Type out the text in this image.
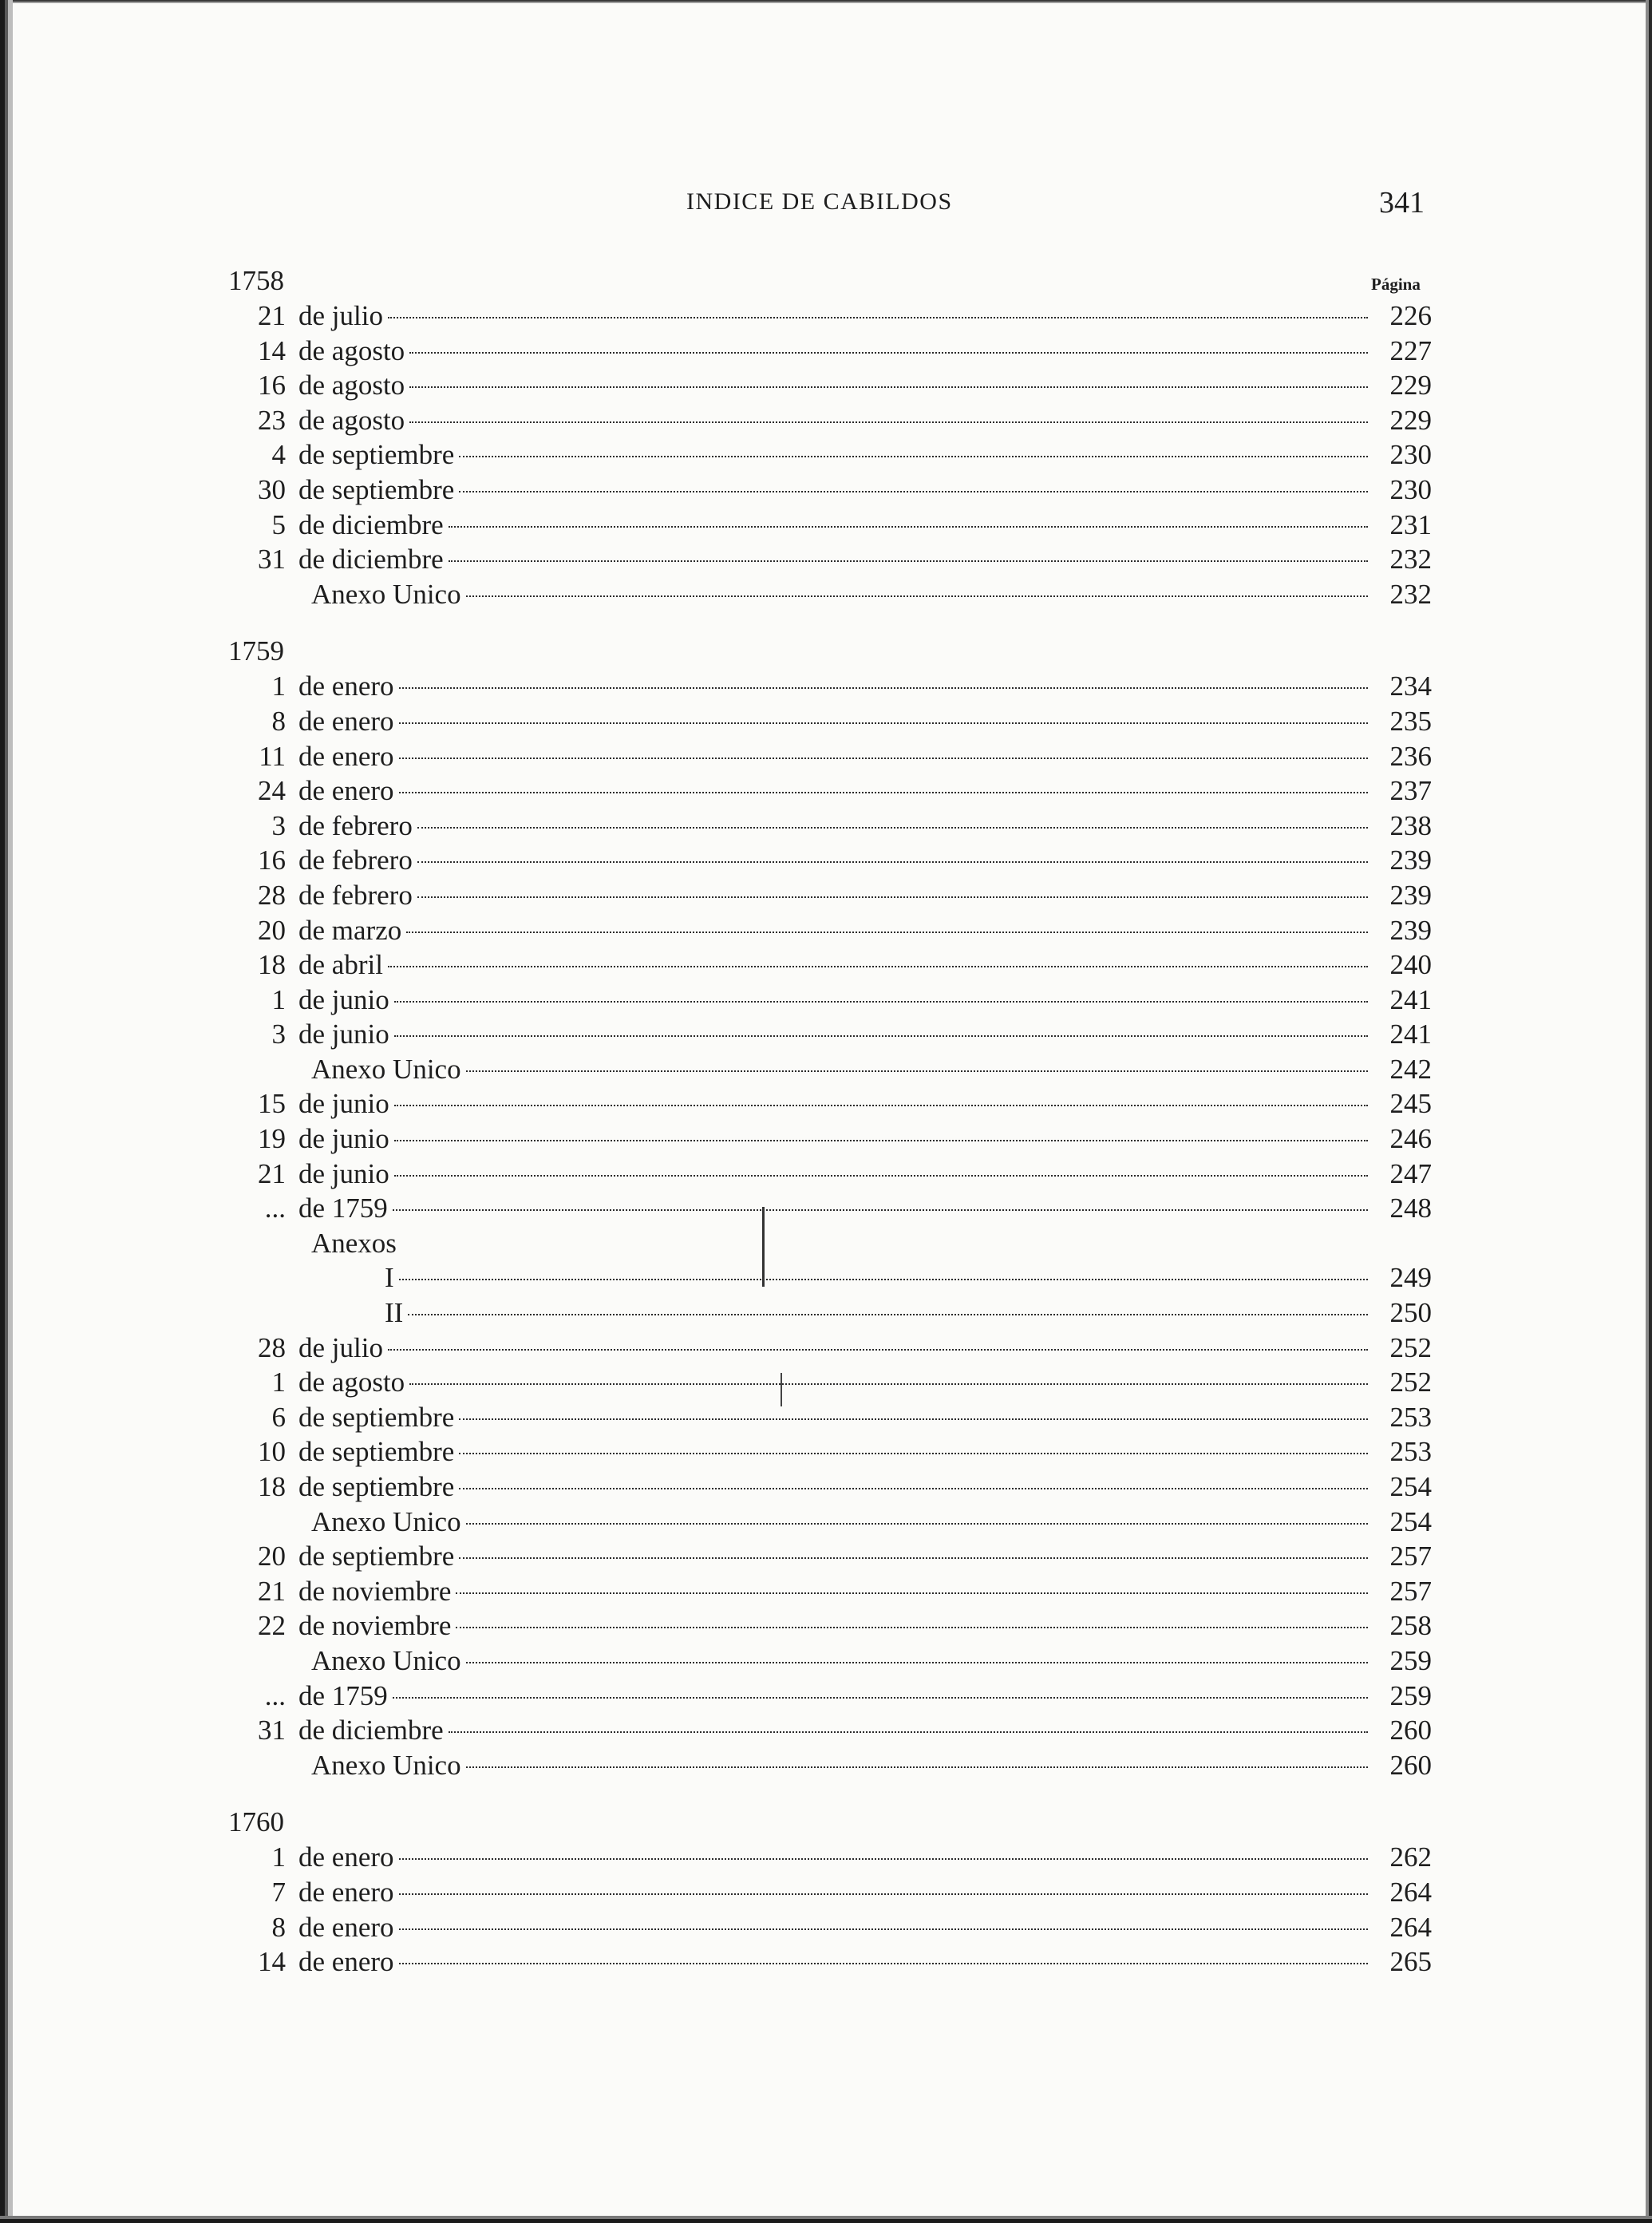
INDICE DE CABILDOS	341
Página
1758
21 de julio	226
14 de agosto	227
16 de agosto	229
23 de agosto	229
4 de septiembre	230
30 de septiembre	230
5 de diciembre	231
31 de diciembre	232
Anexo Unico	232
1759
1 de enero	234
8 de enero	235
11 de enero	236
24 de enero	237
3 de febrero	238
16 de febrero	239
28 de febrero	239
20 de marzo	239
18 de abril	240
1 de junio	241
3 de junio	241
Anexo Unico	242
15 de junio	245
19 de junio	246
21 de junio	247
... de 1759	248
Anexos
I	249
II	250
28 de julio	252
1 de agosto	252
6 de septiembre	253
10 de septiembre	253
18 de septiembre	254
Anexo Unico	254
20 de septiembre	257
21 de noviembre	257
22 de noviembre	258
Anexo Unico	259
... de 1759	259
31 de diciembre	260
Anexo Unico	260
1760
1 de enero	262
7 de enero	264
8 de enero	264
14 de enero	265
